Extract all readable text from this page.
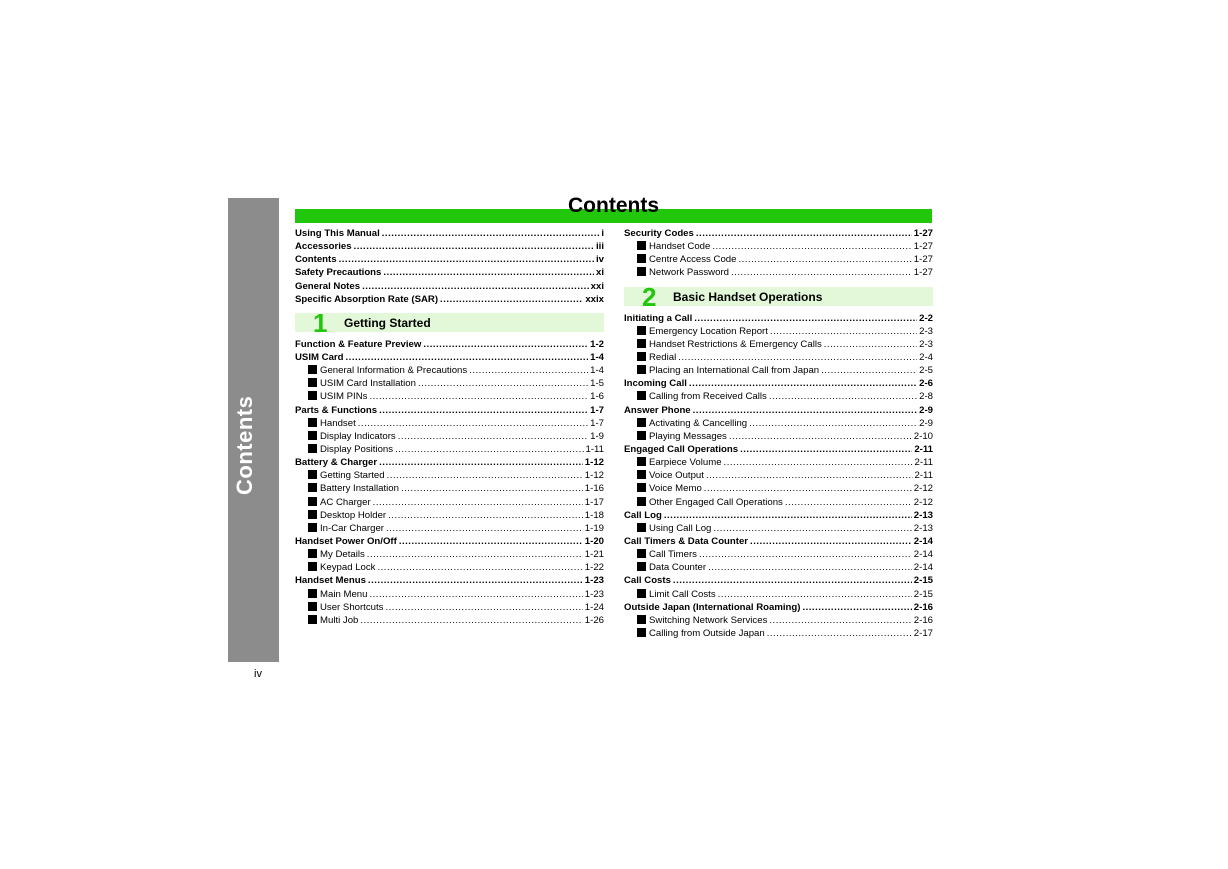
Contents
iv
Contents
Using This Manual .....	i
Accessories .....	iii
Contents .....	iv
Safety Precautions .....	xi
General Notes .....	xxi
Specific Absorption Rate (SAR) .....	xxix
1 Getting Started
Function & Feature Preview .....	1-2
USIM Card .....	1-4
General Information & Precautions .....	1-4
USIM Card Installation .....	1-5
USIM PINs .....	1-6
Parts & Functions .....	1-7
Handset .....	1-7
Display Indicators .....	1-9
Display Positions .....	1-11
Battery & Charger .....	1-12
Getting Started .....	1-12
Battery Installation .....	1-16
AC Charger .....	1-17
Desktop Holder .....	1-18
In-Car Charger .....	1-19
Handset Power On/Off .....	1-20
My Details .....	1-21
Keypad Lock .....	1-22
Handset Menus .....	1-23
Main Menu .....	1-23
User Shortcuts .....	1-24
Multi Job .....	1-26
Security Codes .....	1-27
Handset Code .....	1-27
Centre Access Code .....	1-27
Network Password .....	1-27
2 Basic Handset Operations
Initiating a Call .....	2-2
Emergency Location Report .....	2-3
Handset Restrictions & Emergency Calls .....	2-3
Redial .....	2-4
Placing an International Call from Japan .....	2-5
Incoming Call .....	2-6
Calling from Received Calls .....	2-8
Answer Phone .....	2-9
Activating & Cancelling .....	2-9
Playing Messages .....	2-10
Engaged Call Operations .....	2-11
Earpiece Volume .....	2-11
Voice Output .....	2-11
Voice Memo .....	2-12
Other Engaged Call Operations .....	2-12
Call Log .....	2-13
Using Call Log .....	2-13
Call Timers & Data Counter .....	2-14
Call Timers .....	2-14
Data Counter .....	2-14
Call Costs .....	2-15
Limit Call Costs .....	2-15
Outside Japan (International Roaming) .....	2-16
Switching Network Services .....	2-16
Calling from Outside Japan .....	2-17
